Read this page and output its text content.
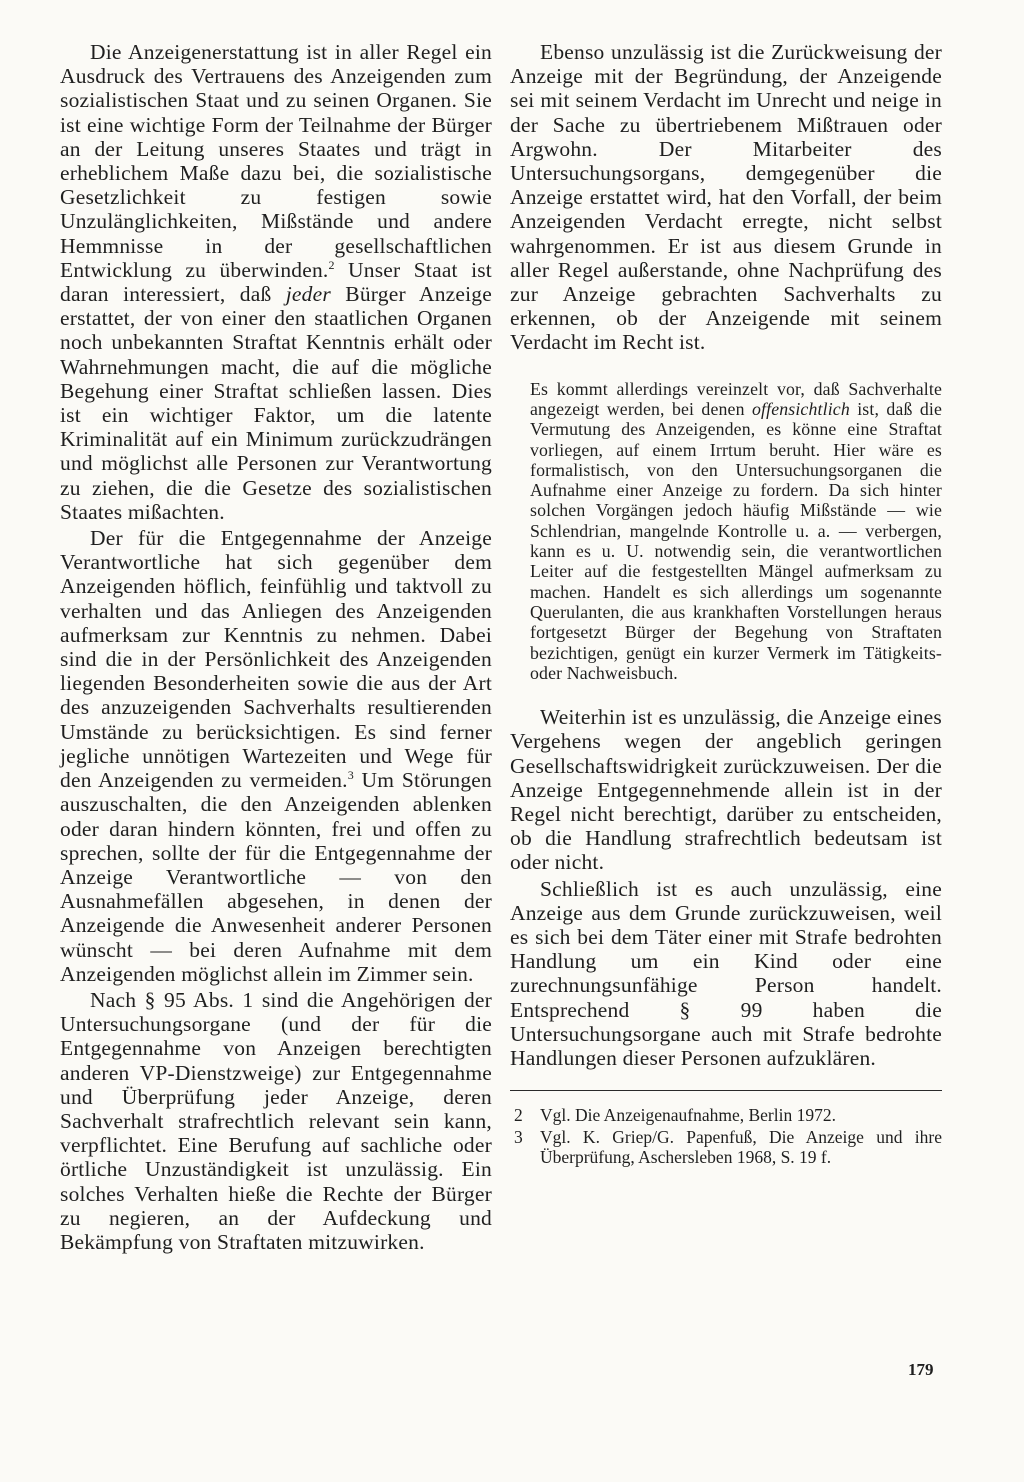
Die Anzeigenerstattung ist in aller Regel ein Ausdruck des Vertrauens des Anzeigenden zum sozialistischen Staat und zu seinen Organen. Sie ist eine wichtige Form der Teilnahme der Bürger an der Leitung unseres Staates und trägt in erheblichem Maße dazu bei, die sozialistische Gesetzlichkeit zu festigen sowie Unzulänglichkeiten, Mißstände und andere Hemmnisse in der gesellschaftlichen Entwicklung zu überwinden.$^2$ Unser Staat ist daran interessiert, daß jeder Bürger Anzeige erstattet, der von einer den staatlichen Organen noch unbekannten Straftat Kenntnis erhält oder Wahrnehmungen macht, die auf die mögliche Begehung einer Straftat schließen lassen. Dies ist ein wichtiger Faktor, um die latente Kriminalität auf ein Minimum zurückzudrängen und möglichst alle Personen zur Verantwortung zu ziehen, die die Gesetze des sozialistischen Staates mißachten.

Der für die Entgegennahme der Anzeige Verantwortliche hat sich gegenüber dem Anzeigenden höflich, feinfühlig und taktvoll zu verhalten und das Anliegen des Anzeigenden aufmerksam zur Kenntnis zu nehmen. Dabei sind die in der Persönlichkeit des Anzeigenden liegenden Besonderheiten sowie die aus der Art des anzuzeigenden Sachverhalts resultierenden Umstände zu berücksichtigen. Es sind ferner jegliche unnötigen Wartezeiten und Wege für den Anzeigenden zu vermeiden.$^3$ Um Störungen auszuschalten, die den Anzeigenden ablenken oder daran hindern könnten, frei und offen zu sprechen, sollte der für die Entgegennahme der Anzeige Verantwortliche — von den Ausnahmefällen abgesehen, in denen der Anzeigende die Anwesenheit anderer Personen wünscht — bei deren Aufnahme mit dem Anzeigenden möglichst allein im Zimmer sein.

Nach § 95 Abs. 1 sind die Angehörigen der Untersuchungsorgane (und der für die Entgegennahme von Anzeigen berechtigten anderen VP-Dienstzweige) zur Entgegennahme und Überprüfung jeder Anzeige, deren Sachverhalt strafrechtlich relevant sein kann, verpflichtet. Eine Berufung auf sachliche oder örtliche Unzuständigkeit ist unzulässig. Ein solches Verhalten hieße die Rechte der Bürger zu negieren, an der Aufdeckung und Bekämpfung von Straftaten mitzuwirken.

Ebenso unzulässig ist die Zurückweisung der Anzeige mit der Begründung, der Anzeigende sei mit seinem Verdacht im Unrecht und neige in der Sache zu übertriebenem Mißtrauen oder Argwohn. Der Mitarbeiter des Untersuchungsorgans, demgegenüber die Anzeige erstattet wird, hat den Vorfall, der beim Anzeigenden Verdacht erregte, nicht selbst wahrgenommen. Er ist aus diesem Grunde in aller Regel außerstande, ohne Nachprüfung des zur Anzeige gebrachten Sachverhalts zu erkennen, ob der Anzeigende mit seinem Verdacht im Recht ist.

Es kommt allerdings vereinzelt vor, daß Sachverhalte angezeigt werden, bei denen offensichtlich ist, daß die Vermutung des Anzeigenden, es könne eine Straftat vorliegen, auf einem Irrtum beruht. Hier wäre es formalistisch, von den Untersuchungsorganen die Aufnahme einer Anzeige zu fordern. Da sich hinter solchen Vorgängen jedoch häufig Mißstände — wie Schlendrian, mangelnde Kontrolle u. a. — verbergen, kann es u. U. notwendig sein, die verantwortlichen Leiter auf die festgestellten Mängel aufmerksam zu machen. Handelt es sich allerdings um sogenannte Querulanten, die aus krankhaften Vorstellungen heraus fortgesetzt Bürger der Begehung von Straftaten bezichtigen, genügt ein kurzer Vermerk im Tätigkeits- oder Nachweisbuch.

Weiterhin ist es unzulässig, die Anzeige eines Vergehens wegen der angeblich geringen Gesellschaftswidrigkeit zurückzuweisen. Der die Anzeige Entgegennehmende allein ist in der Regel nicht berechtigt, darüber zu entscheiden, ob die Handlung strafrechtlich bedeutsam ist oder nicht.

Schließlich ist es auch unzulässig, eine Anzeige aus dem Grunde zurückzuweisen, weil es sich bei dem Täter einer mit Strafe bedrohten Handlung um ein Kind oder eine zurechnungsunfähige Person handelt. Entsprechend § 99 haben die Untersuchungsorgane auch mit Strafe bedrohte Handlungen dieser Personen aufzuklären.

2 Vgl. Die Anzeigenaufnahme, Berlin 1972.

3 Vgl. K. Griep/G. Papenfuß, Die Anzeige und ihre Überprüfung, Aschersleben 1968, S. 19 f.

179
